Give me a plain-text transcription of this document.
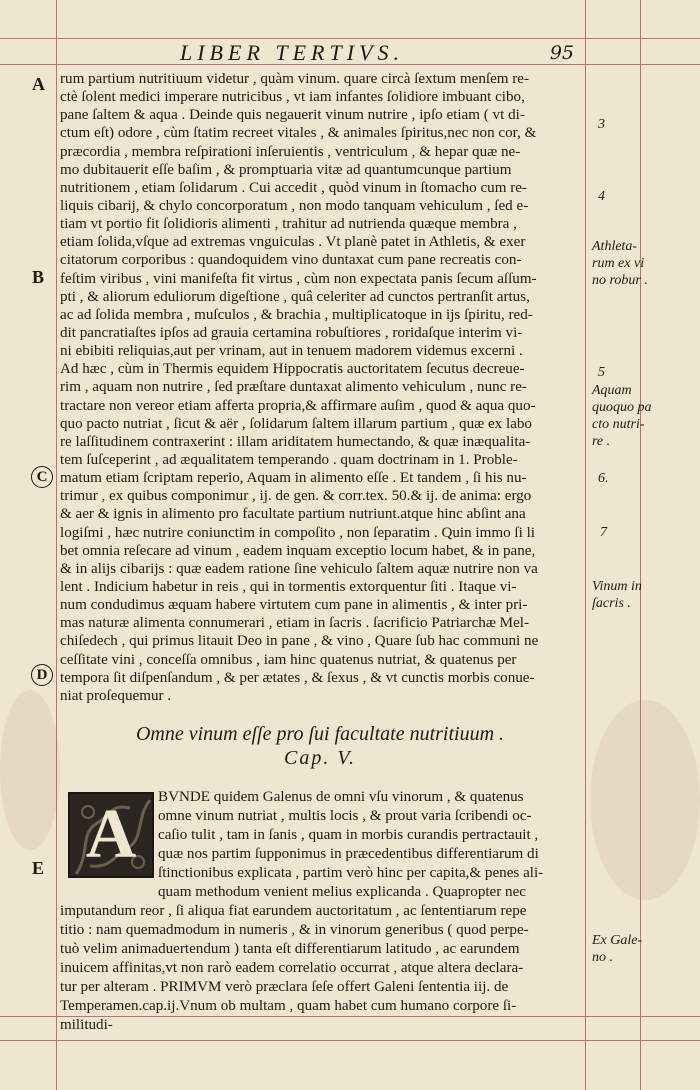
LIBER TERTIVS.	95
A
B
C
D
E
rum partium nutritiuum videtur , quàm vinum. quare circà ſextum menſem re-
ctè ſolent medici imperare nutricibus , vt iam infantes ſolidiore imbuant cibo,
pane ſaltem & aqua . Deinde quis negauerit vinum nutrire , ipſo etiam ( vt di-
ctum eſt) odore , cùm ſtatim recreet vitales , & animales ſpiritus,nec non cor, &
præcordia , membra reſpirationi inſeruientis , ventriculum , & hepar quæ ne-
mo dubitauerit eſſe baſim , & promptuaria vitæ ad quantumcunque partium
nutritionem , etiam ſolidarum . Cui accedit , quòd vinum in ſtomacho cum re-
liquis cibarij, & chylo concorporatum , non modo tanquam vehiculum , ſed e-
tiam vt portio fit ſolidioris alimenti , trahitur ad nutrienda quæque membra ,
etiam ſolida,vſque ad extremas vnguiculas . Vt planè patet in Athletis, & exer
citatorum corporibus : quandoquidem vino duntaxat cum pane recreatis con-
feſtim viribus , vini manifeſta fit virtus , cùm non expectata panis ſecum aſſum-
pti , & aliorum eduliorum digeſtione , quâ celeriter ad cunctos pertranſit artus,
ac ad ſolida membra , muſculos , & brachia , multiplicatoque in ijs ſpiritu, red-
dit pancratiaſtes ipſos ad grauia certamina robuſtiores , roridaſque interim vi-
ni ebibiti reliquias,aut per vrinam, aut in tenuem madorem videmus excerni .
Ad hæc , cùm in Thermis equidem Hippocratis auctoritatem ſecutus decreue-
rim , aquam non nutrire , ſed præſtare duntaxat alimento vehiculum , nunc re-
tractare non vereor etiam afferta propria,& affirmare auſim , quod & aqua quo-
quo pacto nutriat , ſicut & aër , ſolidarum ſaltem illarum partium , quæ ex labo
re laſſitudinem contraxerint : illam ariditatem humectando, & quæ inæqualita-
tem ſuſceperint , ad æqualitatem temperando . quam doctrinam in 1. Proble-
matum etiam ſcriptam reperio, Aquam in alimento eſſe . Et tandem , ſi his nu-
trimur , ex quibus componimur , ij. de gen. & corr.tex. 50.& ij. de anima: ergo
& aer & ignis in alimento pro facultate partium nutriunt.atque hinc abſint ana
logiſmi , hæc nutrire coniunctim in compoſito , non ſeparatim . Quin immo ſi li
bet omnia reſecare ad vinum , eadem inquam exceptio locum habet, & in pane,
& in alijs cibarijs : quæ eadem ratione ſine vehiculo ſaltem aquæ nutrire non va
lent . Indicium habetur in reis , qui in tormentis extorquentur ſiti . Itaque vi-
num condudimus æquam habere virtutem cum pane in alimentis , & inter pri-
mas naturæ alimenta connumerari , etiam in ſacris . ſacrificio Patriarchæ Mel-
chiſedech , qui primus litauit Deo in pane , & vino , Quare ſub hac communi ne
ceſſitate vini , conceſſa omnibus , iam hinc quatenus nutriat, & quatenus per
tempora ſit diſpenſandum , & per ætates , & ſexus , & vt cunctis morbis conue-
niat proſequemur .
Omne vinum eſſe pro ſui facultate nutritiuum .
Cap. V.
A	BVNDE quidem Galenus de omni vſu vinorum , & quatenus
omne vinum nutriat , multis locis , & prout varia ſcribendi oc-
caſio tulit , tam in ſanis , quam in morbis curandis pertractauit ,
quæ nos partim ſupponimus in præcedentibus differentiarum di
ſtinctionibus explicata , partim verò hinc per capita,& penes ali-
quam methodum venient melius explicanda . Quapropter nec
imputandum reor , ſi aliqua fiat earundem auctoritatum , ac ſententiarum repe
titio : nam quemadmodum in numeris , & in vinorum generibus ( quod perpe-
tuò velim animaduertendum ) tanta eſt differentiarum latitudo , ac earundem
inuicem affinitas,vt non rarò eadem correlatio occurrat , atque altera declara-
tur per alteram . PRIMVM verò præclara ſeſe offert Galeni ſententia iij. de
Temperamen.cap.ij.Vnum ob multam , quam habet cum humano corpore ſi-
militudi-
3
4
Athleta-
rum ex vi
no robur .
5
Aquam
quoquo pa
cto nutri-
re .
6.
7
Vinum in
ſacris .
Ex Gale-
no .
